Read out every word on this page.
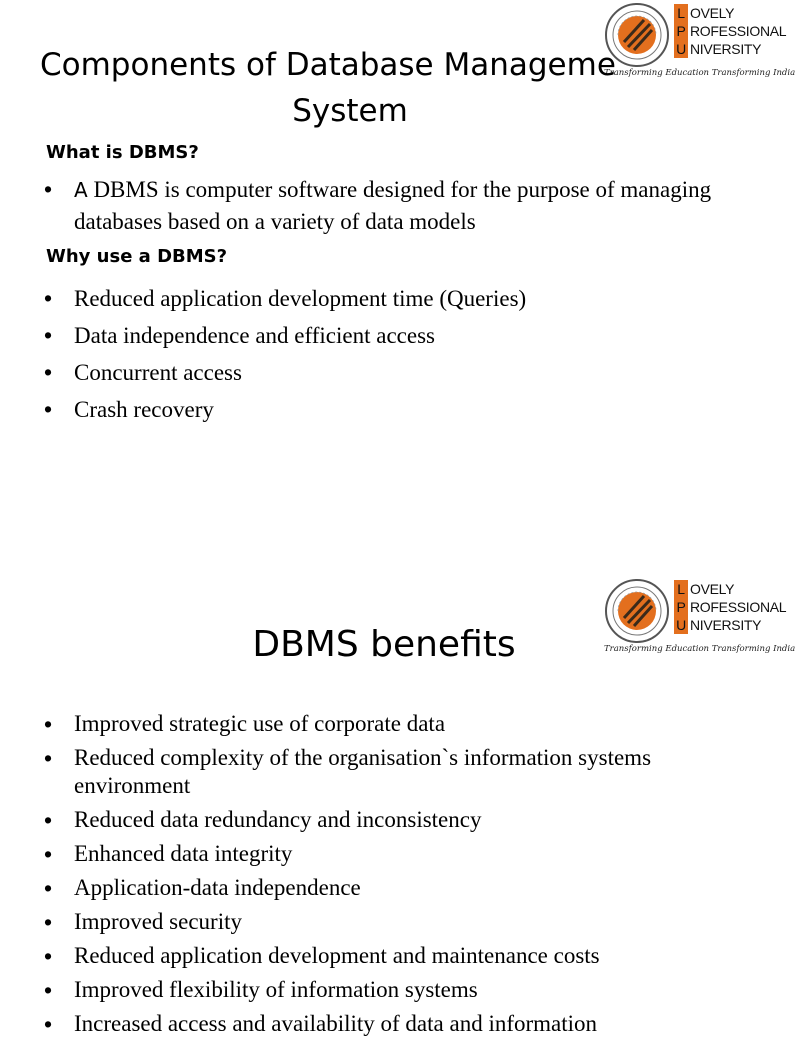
L OVELY
P ROFESSIONAL
U NIVERSITY
Transforming Education Transforming India
Components of Database Manageme
System
What is DBMS?
• A DBMS is computer software designed for the purpose of managing databases based on a variety of data models
Why use a DBMS?
• Reduced application development time (Queries)
• Data independence and efficient access
• Concurrent access
• Crash recovery
L OVELY
P ROFESSIONAL
U NIVERSITY
Transforming Education Transforming India
DBMS benefits
• Improved strategic use of corporate data
• Reduced complexity of the organisation`s information systems environment
• Reduced data redundancy and inconsistency
• Enhanced data integrity
• Application-data independence
• Improved security
• Reduced application development and maintenance costs
• Improved flexibility of information systems
• Increased access and availability of data and information
